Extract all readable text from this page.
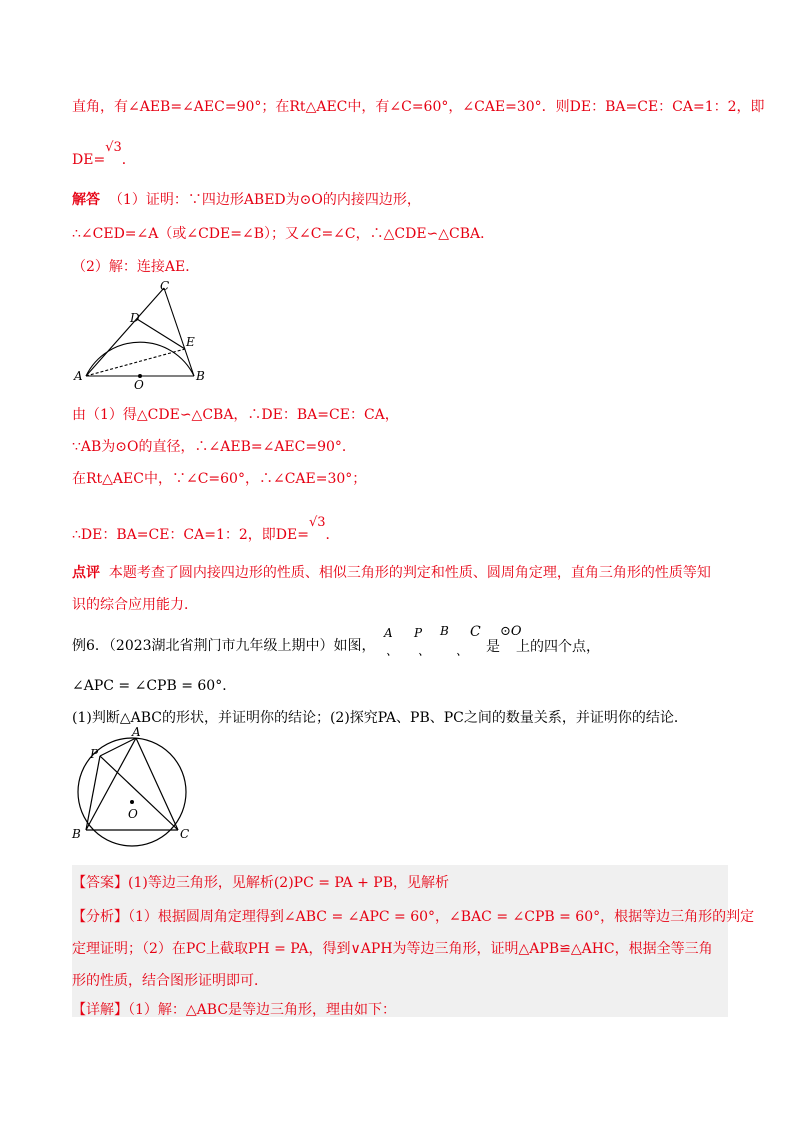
直角，有∠AEB=∠AEC=90°；在Rt△AEC中，有∠C=60°，∠CAE=30°．则DE：BA=CE：CA=1：2，即
DE=√3．
解答 （1）证明：∵四边形ABED为⊙O的内接四边形，
∴∠CED=∠A（或∠CDE=∠B）；又∠C=∠C，∴△CDE∽△CBA．
（2）解：连接AE．
A
O
B
C
D
E
由（1）得△CDE∽△CBA，∴DE：BA=CE：CA，
∵AB为⊙O的直径，∴∠AEB=∠AEC=90°．
在Rt△AEC中，∵∠C=60°，∴∠CAE=30°；
∴DE：BA=CE：CA=1：2，即DE=√3．
点评 本题考查了圆内接四边形的性质、相似三角形的判定和性质、圆周角定理，直角三角形的性质等知
识的综合应用能力．
例6．（2023湖北省荆门市九年级上期中）如图，
A
、
P
、
B
、
C
是
⊙O
上的四个点，
∠APC = ∠CPB = 60°．
(1)判断△ABC的形状，并证明你的结论；(2)探究PA、PB、PC之间的数量关系，并证明你的结论．
A
P
B	C
O
【答案】(1)等边三角形，见解析(2)PC = PA + PB，见解析
【分析】（1）根据圆周角定理得到∠ABC = ∠APC = 60°，∠BAC = ∠CPB = 60°，根据等边三角形的判定
定理证明；（2）在PC上截取PH = PA，得到∨APH为等边三角形，证明△APB≌△AHC，根据全等三角
形的性质，结合图形证明即可．
【详解】（1）解：△ABC是等边三角形，理由如下：
